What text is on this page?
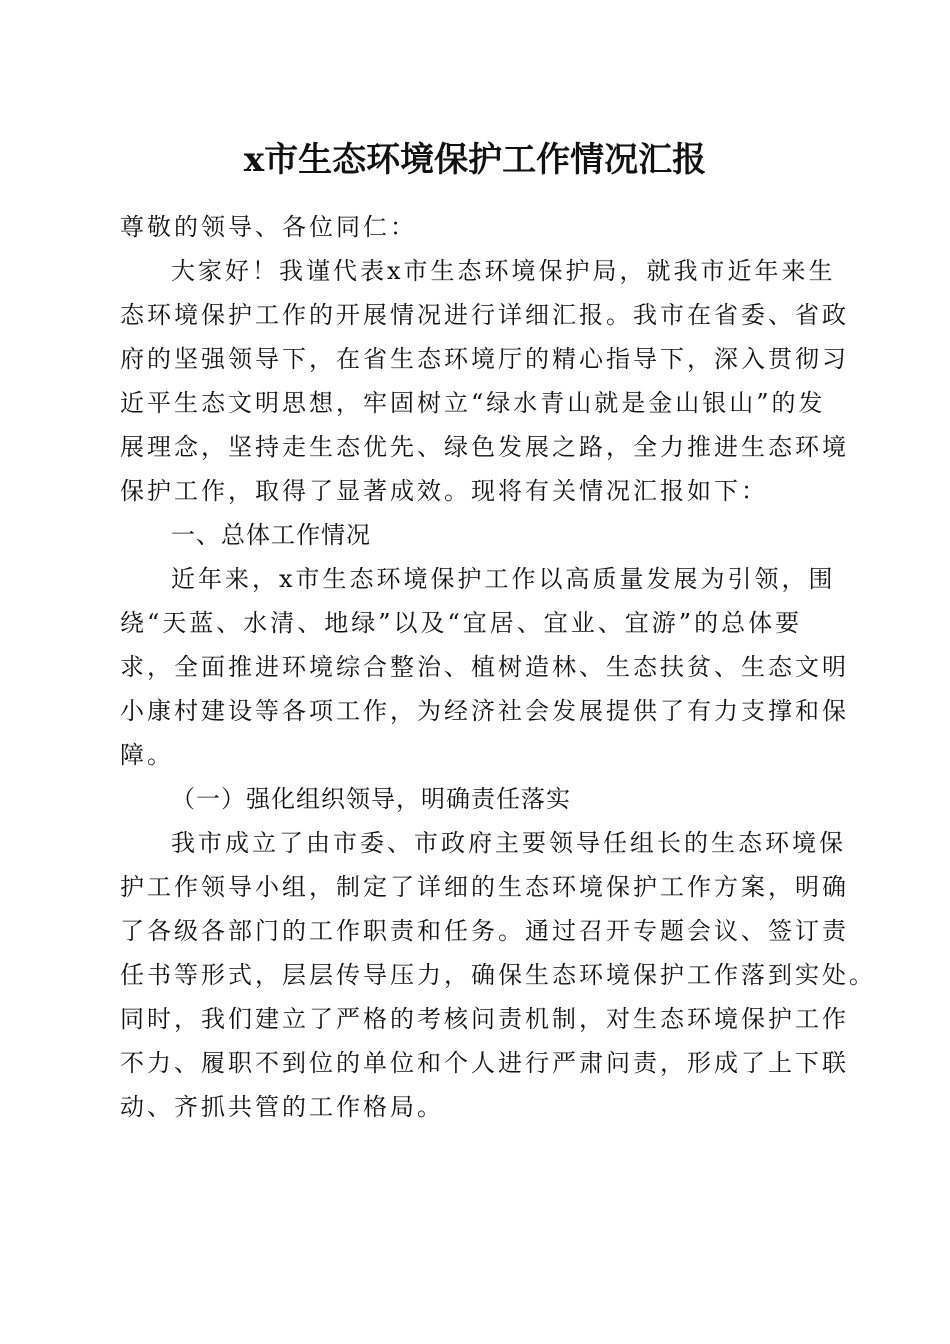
x市生态环境保护工作情况汇报
尊敬的领导、各位同仁：
大家好！我谨代表x市生态环境保护局，就我市近年来生
态环境保护工作的开展情况进行详细汇报。我市在省委、省政
府的坚强领导下，在省生态环境厅的精心指导下，深入贯彻习
近平生态文明思想，牢固树立“绿水青山就是金山银山”的发
展理念，坚持走生态优先、绿色发展之路，全力推进生态环境
保护工作，取得了显著成效。现将有关情况汇报如下：
一、总体工作情况
近年来，x市生态环境保护工作以高质量发展为引领，围
绕“天蓝、水清、地绿”以及“宜居、宜业、宜游”的总体要
求，全面推进环境综合整治、植树造林、生态扶贫、生态文明
小康村建设等各项工作，为经济社会发展提供了有力支撑和保
障。
（一）强化组织领导，明确责任落实
我市成立了由市委、市政府主要领导任组长的生态环境保
护工作领导小组，制定了详细的生态环境保护工作方案，明确
了各级各部门的工作职责和任务。通过召开专题会议、签订责
任书等形式，层层传导压力，确保生态环境保护工作落到实处。
同时，我们建立了严格的考核问责机制，对生态环境保护工作
不力、履职不到位的单位和个人进行严肃问责，形成了上下联
动、齐抓共管的工作格局。
